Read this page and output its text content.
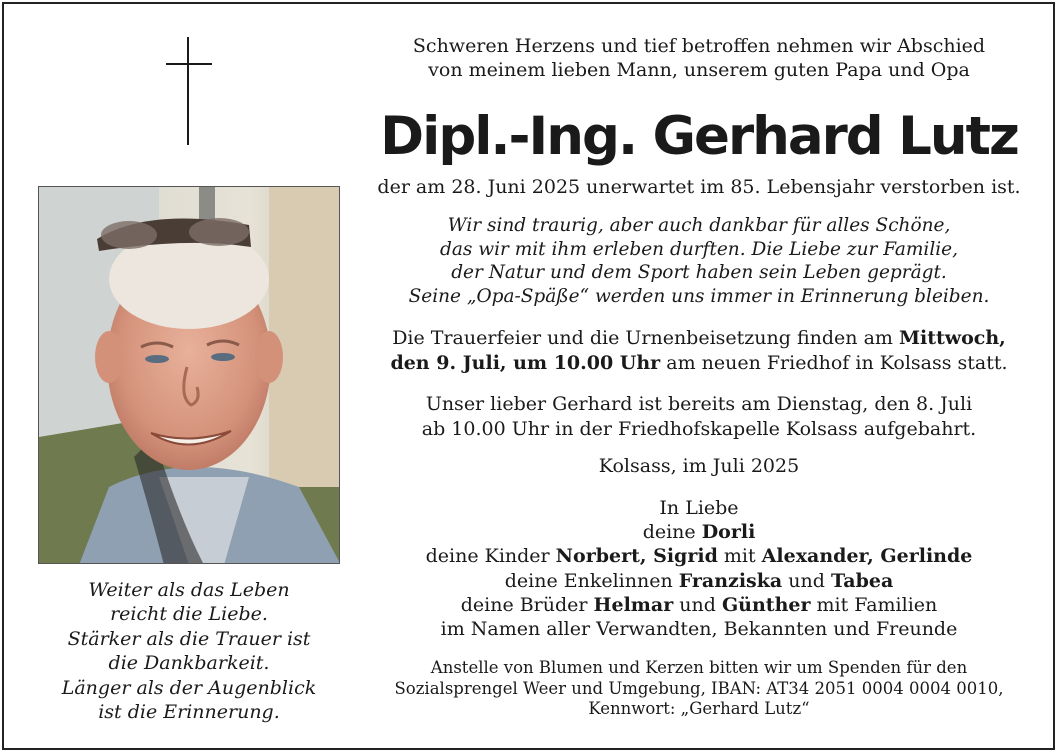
Weiter als das Leben
reicht die Liebe.
Stärker als die Trauer ist
die Dankbarkeit.
Länger als der Augenblick
ist die Erinnerung.
Schweren Herzens und tief betroffen nehmen wir Abschied
von meinem lieben Mann, unserem guten Papa und Opa
Dipl.-Ing. Gerhard Lutz
der am 28. Juni 2025 unerwartet im 85. Lebensjahr verstorben ist.
Wir sind traurig, aber auch dankbar für alles Schöne,
das wir mit ihm erleben durften. Die Liebe zur Familie,
der Natur und dem Sport haben sein Leben geprägt.
Seine „Opa-Späße“ werden uns immer in Erinnerung bleiben.
Die Trauerfeier und die Urnenbeisetzung finden am Mittwoch,
den 9. Juli, um 10.00 Uhr am neuen Friedhof in Kolsass statt.
Unser lieber Gerhard ist bereits am Dienstag, den 8. Juli
ab 10.00 Uhr in der Friedhofskapelle Kolsass aufgebahrt.
Kolsass, im Juli 2025
In Liebe
deine Dorli
deine Kinder Norbert, Sigrid mit Alexander, Gerlinde
deine Enkelinnen Franziska und Tabea
deine Brüder Helmar und Günther mit Familien
im Namen aller Verwandten, Bekannten und Freunde
Anstelle von Blumen und Kerzen bitten wir um Spenden für den
Sozialsprengel Weer und Umgebung, IBAN: AT34 2051 0004 0004 0010,
Kennwort: „Gerhard Lutz“
